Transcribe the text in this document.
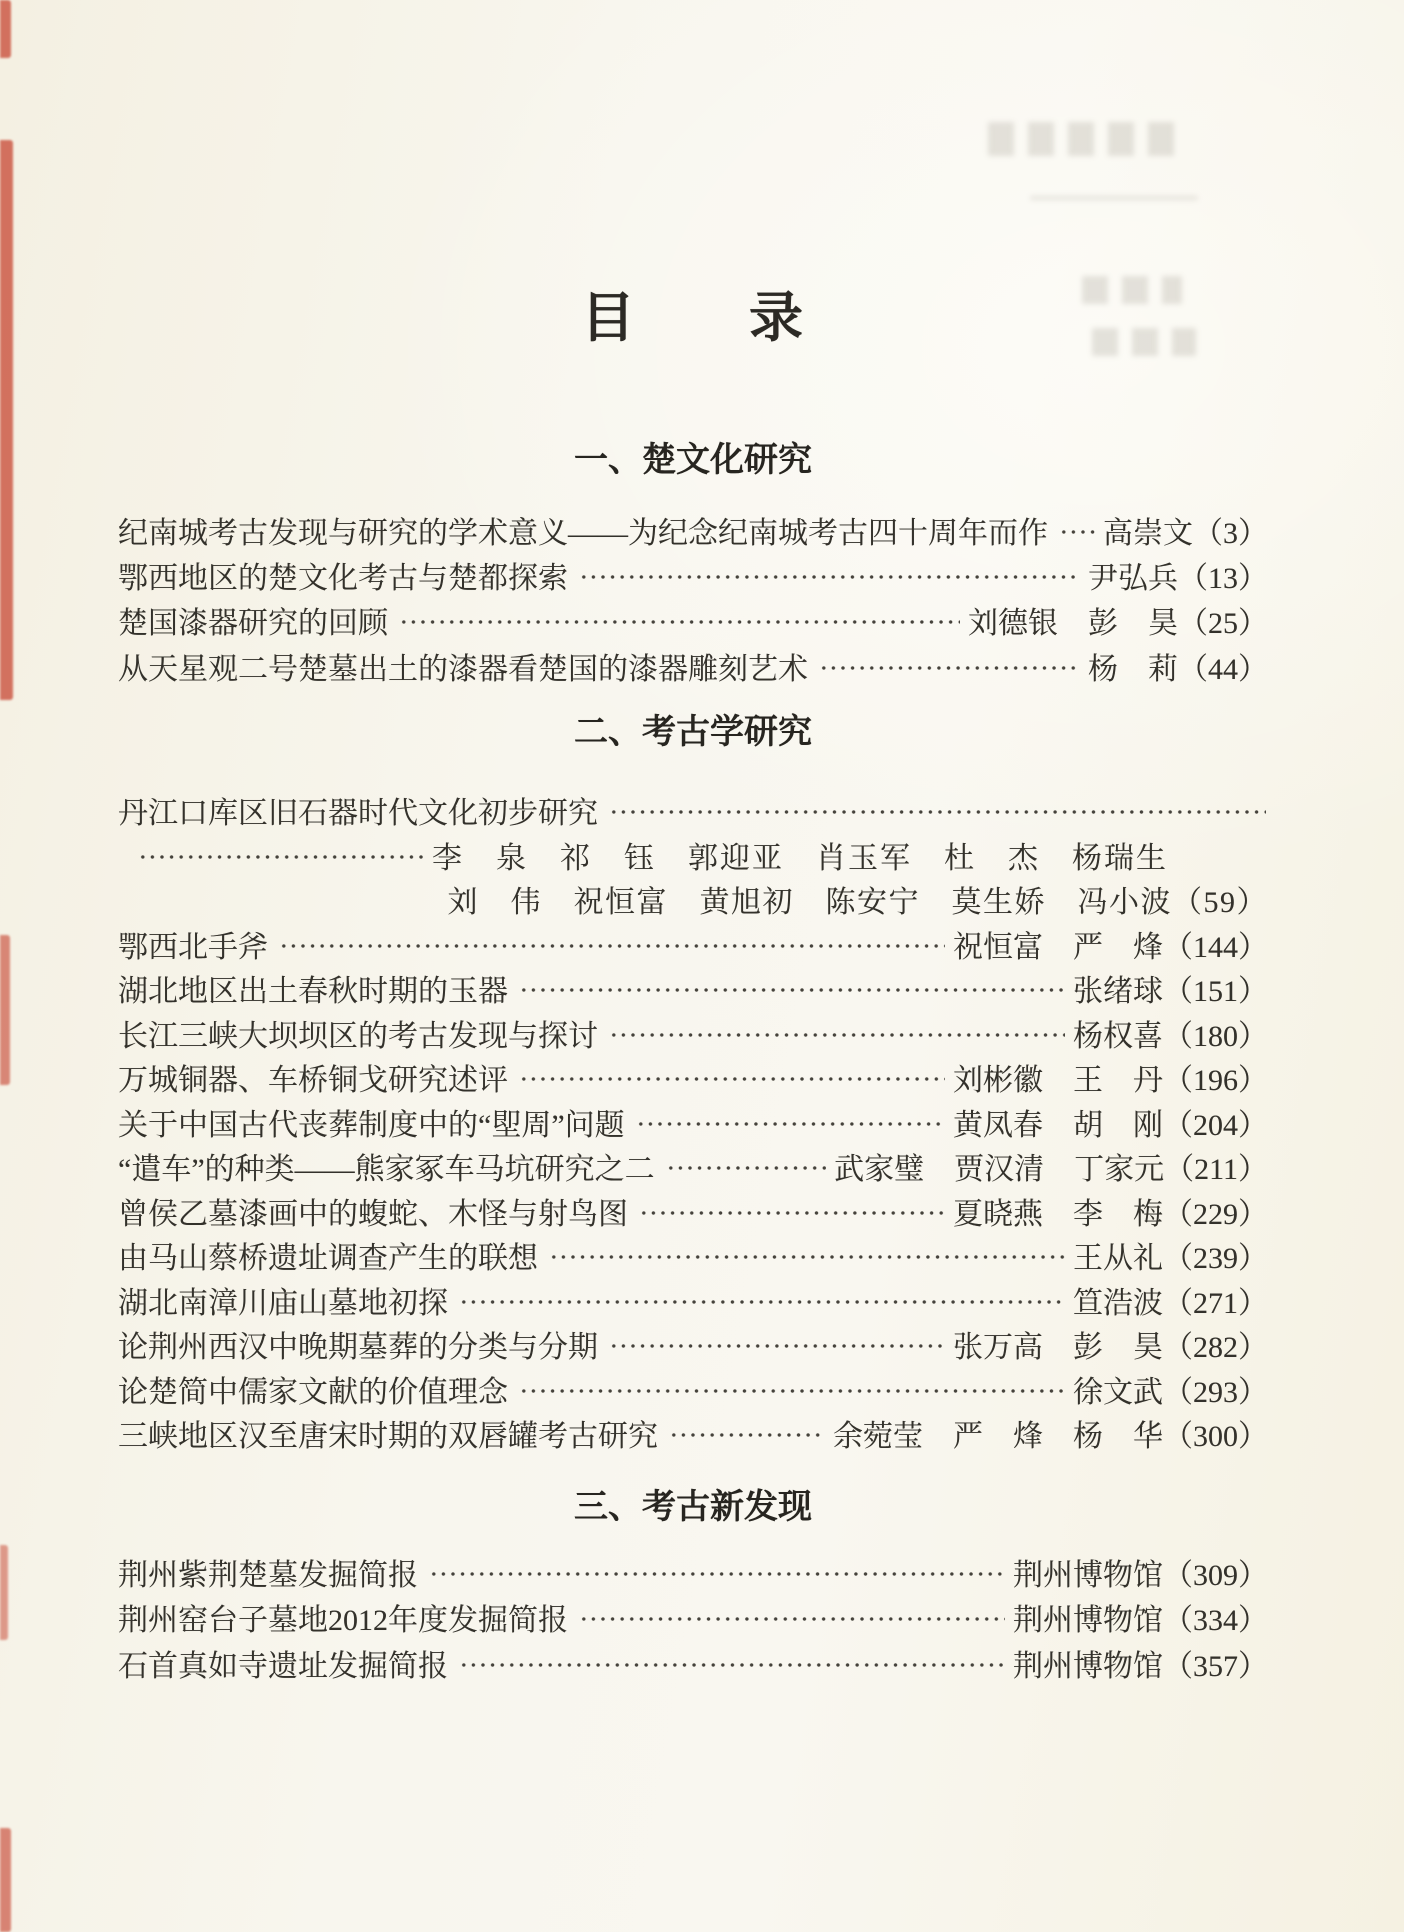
目　　录
一、楚文化研究
纪南城考古发现与研究的学术意义——为纪念纪南城考古四十周年而作 高崇文（3）
鄂西地区的楚文化考古与楚都探索	尹弘兵（13）
楚国漆器研究的回顾	刘德银　彭　昊（25）
从天星观二号楚墓出土的漆器看楚国的漆器雕刻艺术	杨　莉（44）
二、考古学研究
丹江口库区旧石器时代文化初步研究
李　泉　祁　钰　郭迎亚　肖玉军　杜　杰　杨瑞生
刘　伟　祝恒富　黄旭初　陈安宁　莫生娇　冯小波（59）
鄂西北手斧	祝恒富　严　烽（144）
湖北地区出土春秋时期的玉器	张绪球（151）
长江三峡大坝坝区的考古发现与探讨	杨权喜（180）
万城铜器、车桥铜戈研究述评	刘彬徽　王　丹（196）
关于中国古代丧葬制度中的“堲周”问题	黄凤春　胡　刚（204）
“遣车”的种类——熊家冢车马坑研究之二	武家璧　贾汉清　丁家元（211）
曾侯乙墓漆画中的蝮蛇、木怪与射鸟图	夏晓燕　李　梅（229）
由马山蔡桥遗址调查产生的联想	王从礼（239）
湖北南漳川庙山墓地初探	笪浩波（271）
论荆州西汉中晚期墓葬的分类与分期	张万高　彭　昊（282）
论楚简中儒家文献的价值理念	徐文武（293）
三峡地区汉至唐宋时期的双唇罐考古研究	余菀莹　严　烽　杨　华（300）
三、考古新发现
荆州紫荆楚墓发掘简报	荆州博物馆（309）
荆州窑台子墓地2012年度发掘简报	荆州博物馆（334）
石首真如寺遗址发掘简报	荆州博物馆（357）
